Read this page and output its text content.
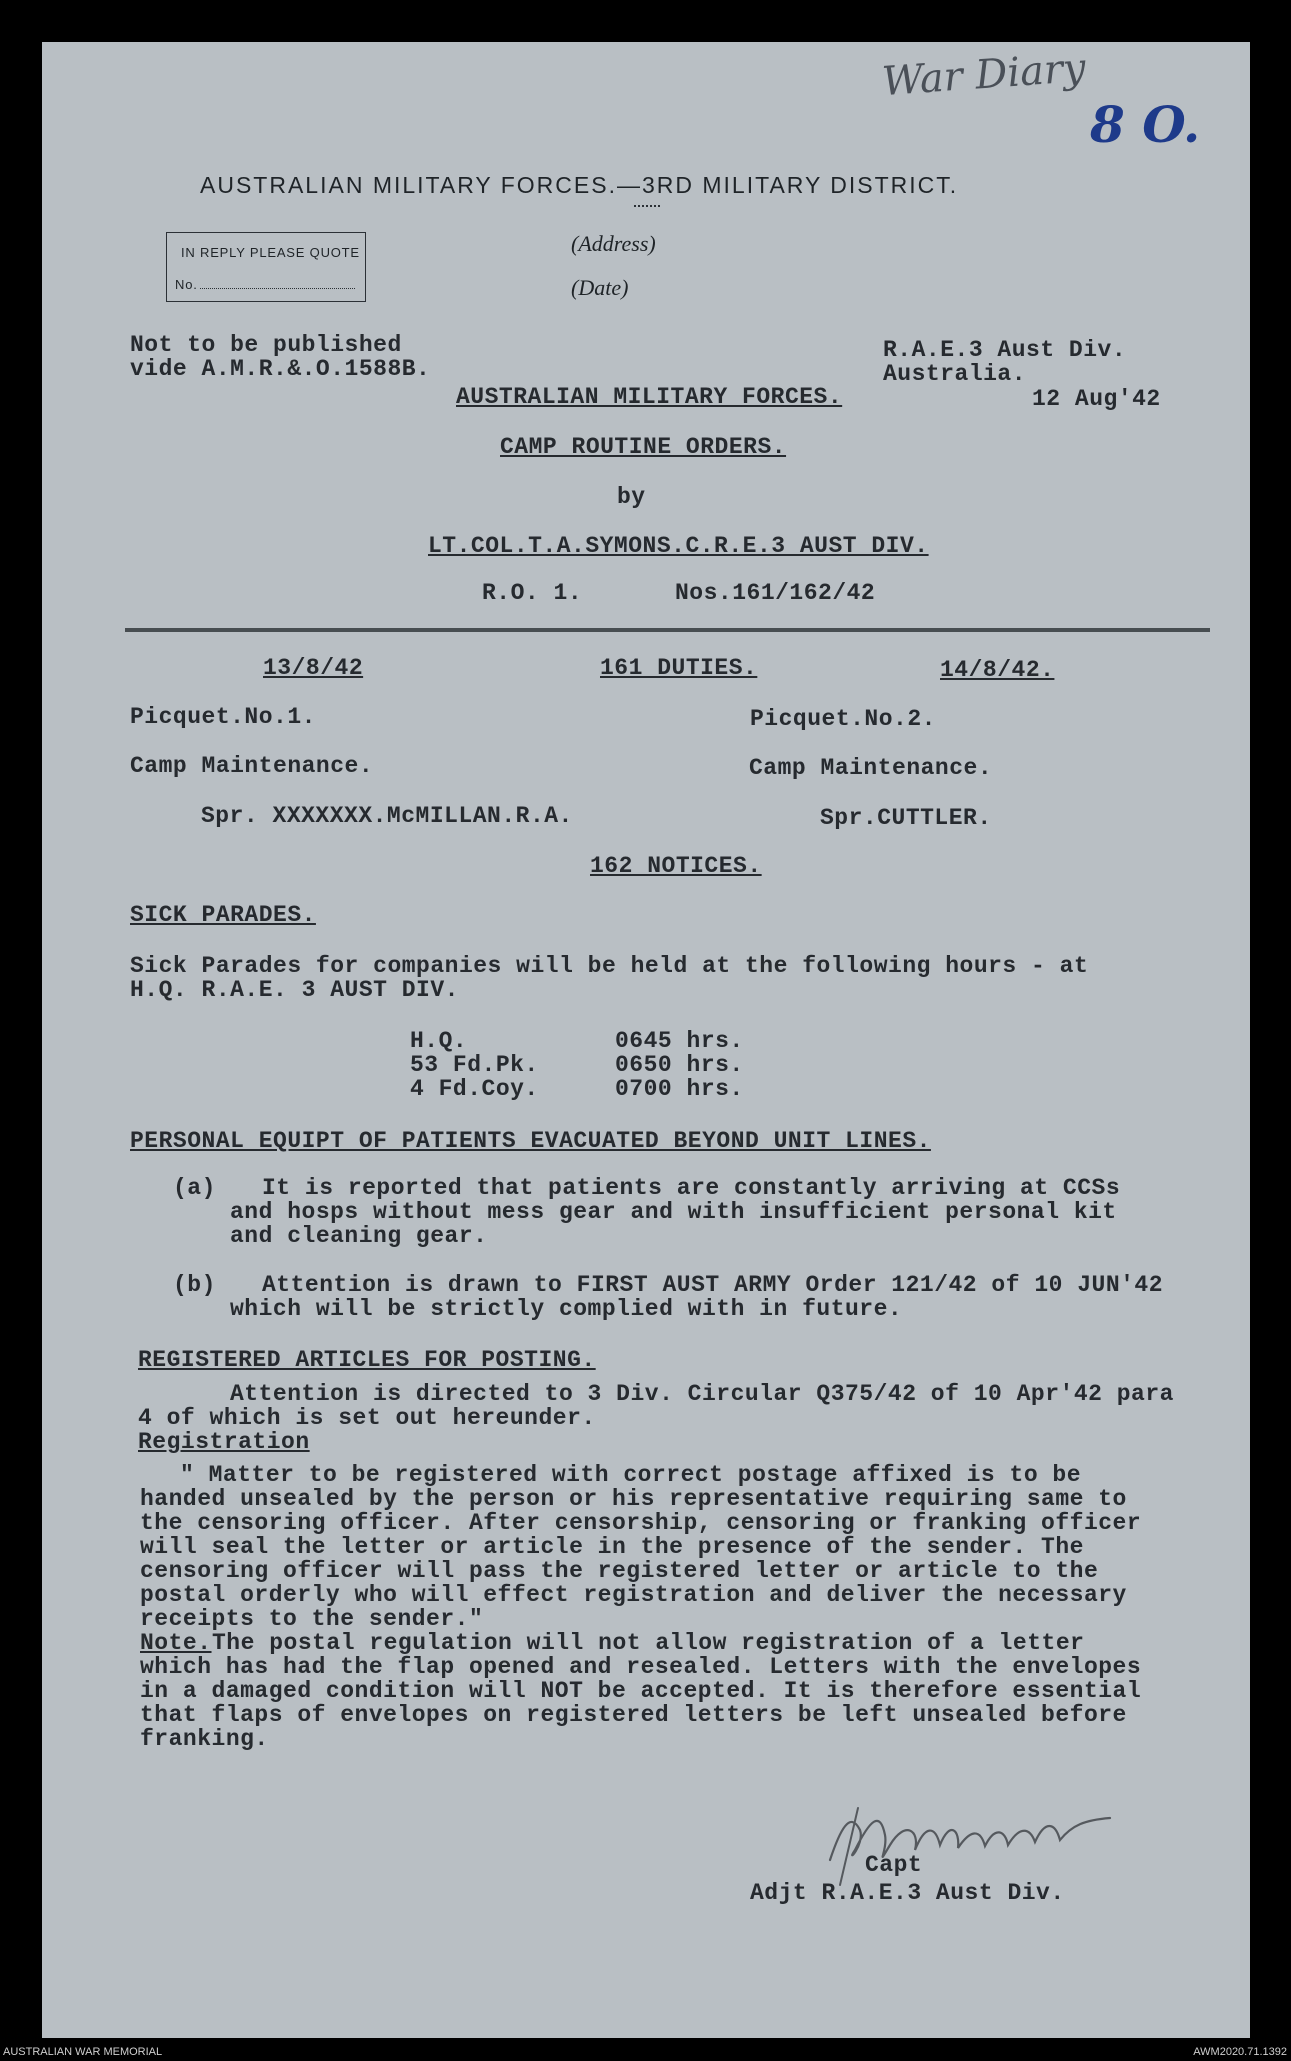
War Diary
8 O.
AUSTRALIAN MILITARY FORCES.—3RD MILITARY DISTRICT.
IN REPLY PLEASE QUOTE
No.
(Address)
(Date)
Not to be published
vide A.M.R.&.O.1588B.
R.A.E.3 Aust Div.
Australia.
12 Aug'42
AUSTRALIAN MILITARY FORCES.
CAMP ROUTINE ORDERS.
by
LT.COL.T.A.SYMONS.C.R.E.3 AUST DIV.
R.O. 1.	Nos.161/162/42
13/8/42	161 DUTIES.	14/8/42.
Picquet.No.1.	Picquet.No.2.
Camp Maintenance.	Camp Maintenance.
Spr. XXXXXXX.McMILLAN.R.A.	Spr.CUTTLER.
162 NOTICES.
SICK PARADES.
Sick Parades for companies will be held at the following hours - at
H.Q. R.A.E. 3 AUST DIV.
H.Q.	0645 hrs.
53 Fd.Pk.	0650 hrs.
4 Fd.Coy.	0700 hrs.
PERSONAL EQUIPT OF PATIENTS EVACUATED BEYOND UNIT LINES.
(a) It is reported that patients are constantly arriving at CCSs
and hosps without mess gear and with insufficient personal kit
and cleaning gear.
(b) Attention is drawn to FIRST AUST ARMY Order 121/42 of 10 JUN'42
which will be strictly complied with in future.
REGISTERED ARTICLES FOR POSTING.
Attention is directed to 3 Div. Circular Q375/42 of 10 Apr'42 para
4 of which is set out hereunder.
Registration
" Matter to be registered with correct postage affixed is to be
handed unsealed by the person or his representative requiring same to
the censoring officer. After censorship, censoring or franking officer
will seal the letter or article in the presence of the sender. The
censoring officer will pass the registered letter or article to the
postal orderly who will effect registration and deliver the necessary
receipts to the sender."
Note. The postal regulation will not allow registration of a letter
which has had the flap opened and resealed. Letters with the envelopes
in a damaged condition will NOT be accepted. It is therefore essential
that flaps of envelopes on registered letters be left unsealed before
franking.
Capt
Adjt R.A.E.3 Aust Div.
AUSTRALIAN WAR MEMORIAL	AWM2020.71.1392
